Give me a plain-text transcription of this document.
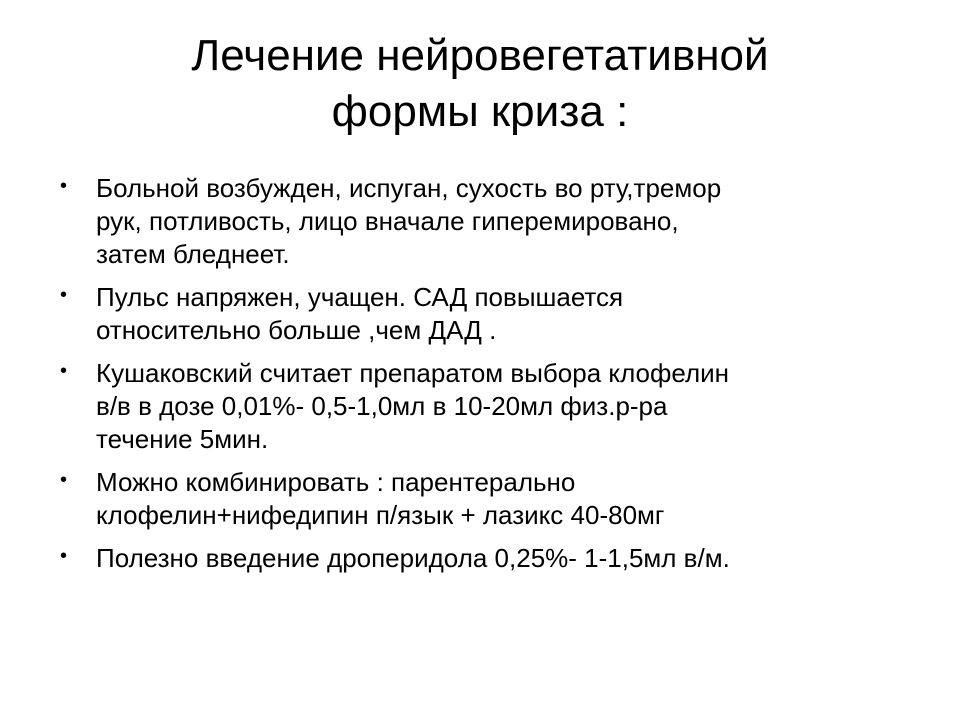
Лечение нейровегетативной
формы криза :
• Больной возбужден, испуган, сухость во рту,тремор
рук, потливость, лицо вначале гиперемировано,
затем бледнеет.
• Пульс напряжен, учащен. САД повышается
относительно больше ,чем ДАД .
• Кушаковский считает препаратом выбора клофелин
в/в в дозе 0,01%- 0,5-1,0мл в 10-20мл физ.р-ра
течение 5мин.
• Можно комбинировать : парентерально
клофелин+нифедипин п/язык + лазикс 40-80мг
• Полезно введение дроперидола 0,25%- 1-1,5мл в/м.
